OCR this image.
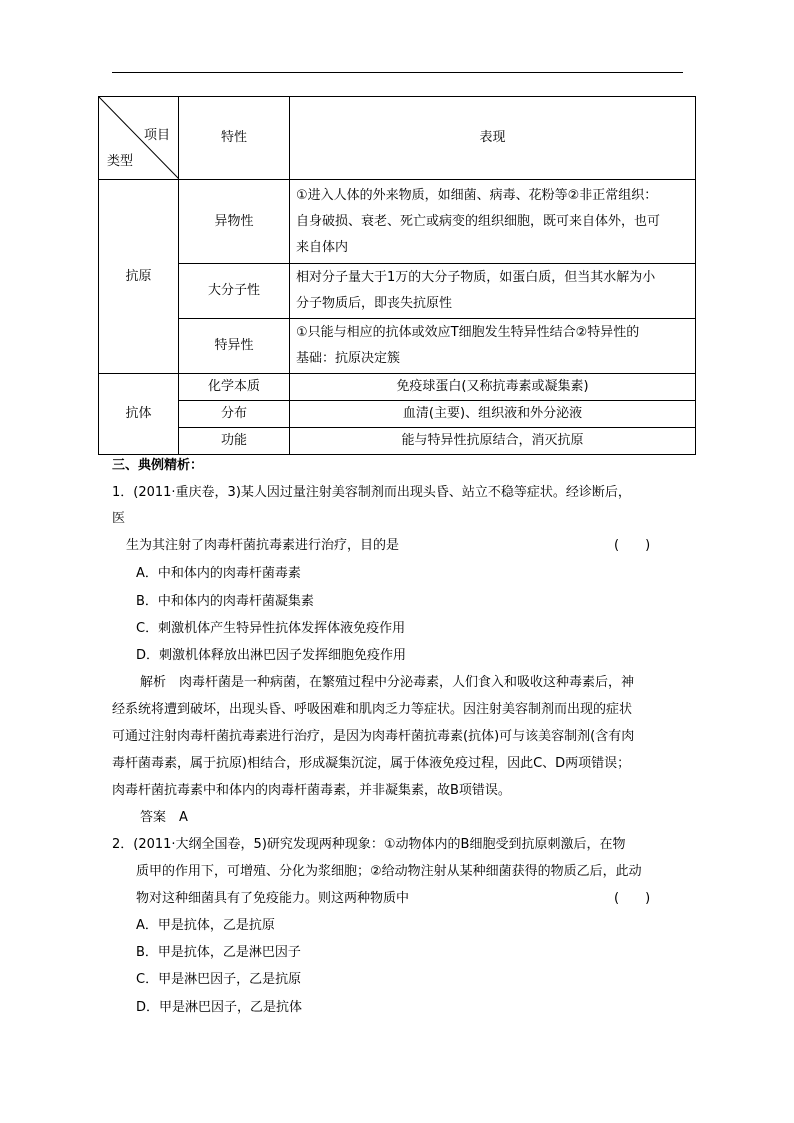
项目
类型	特性	表现
抗原	异物性	①进入人体的外来物质，如细菌、病毒、花粉等②非正常组织：
自身破损、衰老、死亡或病变的组织细胞，既可来自体外，也可
来自体内

	大分子性	相对分子量大于1万的大分子物质，如蛋白质，但当其水解为小
分子物质后，即丧失抗原性

	特异性	①只能与相应的抗体或效应T细胞发生特异性结合②特异性的
基础：抗原决定簇

抗体	化学本质	免疫球蛋白(又称抗毒素或凝集素)
	分布	血清(主要)、组织液和外分泌液
	功能	能与特异性抗原结合，消灭抗原
三、典例精析：
1．(2011·重庆卷，3)某人因过量注射美容制剂而出现头昏、站立不稳等症状。经诊断后，
医
生为其注射了肉毒杆菌抗毒素进行治疗，目的是	(　　)
A．中和体内的肉毒杆菌毒素
B．中和体内的肉毒杆菌凝集素
C．刺激机体产生特异性抗体发挥体液免疫作用
D．刺激机体释放出淋巴因子发挥细胞免疫作用
解析　肉毒杆菌是一种病菌，在繁殖过程中分泌毒素，人们食入和吸收这种毒素后，神
经系统将遭到破坏，出现头昏、呼吸困难和肌肉乏力等症状。因注射美容制剂而出现的症状
可通过注射肉毒杆菌抗毒素进行治疗，是因为肉毒杆菌抗毒素(抗体)可与该美容制剂(含有肉
毒杆菌毒素，属于抗原)相结合，形成凝集沉淀，属于体液免疫过程，因此C、D两项错误；
肉毒杆菌抗毒素中和体内的肉毒杆菌毒素，并非凝集素，故B项错误。
答案　A
2．(2011·大纲全国卷，5)研究发现两种现象：①动物体内的B细胞受到抗原刺激后，在物
质甲的作用下，可增殖、分化为浆细胞；②给动物注射从某种细菌获得的物质乙后，此动
物对这种细菌具有了免疫能力。则这两种物质中	(　　)
A．甲是抗体，乙是抗原
B．甲是抗体，乙是淋巴因子
C．甲是淋巴因子，乙是抗原
D．甲是淋巴因子，乙是抗体
